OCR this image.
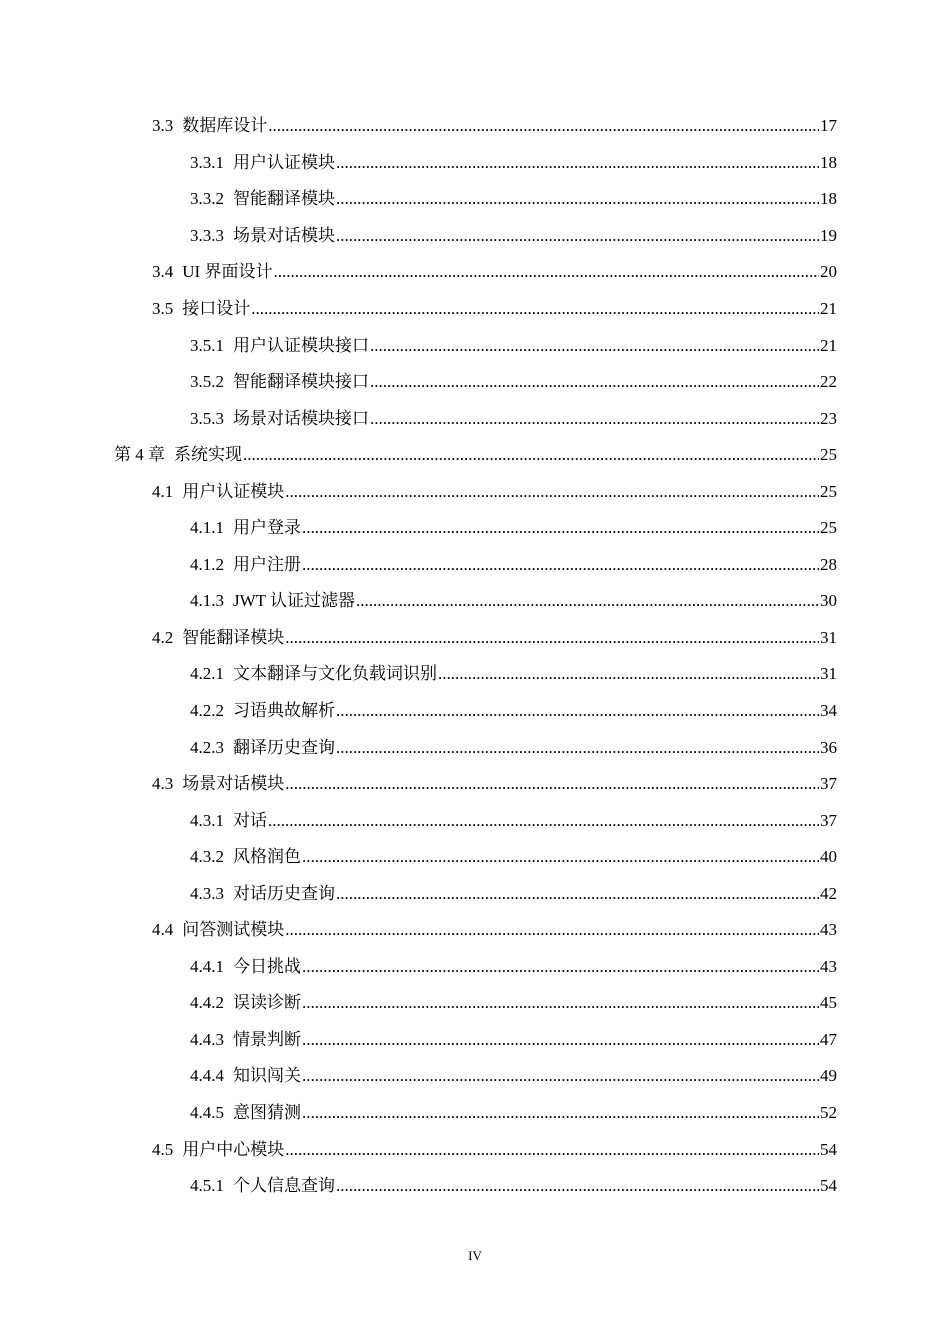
3.3 数据库设计 .....	17
3.3.1 用户认证模块 .....	18
3.3.2 智能翻译模块 .....	18
3.3.3 场景对话模块 .....	19
3.4 UI 界面设计 .....	20
3.5 接口设计 .....	21
3.5.1 用户认证模块接口 .....	21
3.5.2 智能翻译模块接口 .....	22
3.5.3 场景对话模块接口 .....	23
第 4 章 系统实现 .....	25
4.1 用户认证模块 .....	25
4.1.1 用户登录 .....	25
4.1.2 用户注册 .....	28
4.1.3 JWT 认证过滤器 .....	30
4.2 智能翻译模块 .....	31
4.2.1 文本翻译与文化负载词识别 .....	31
4.2.2 习语典故解析 .....	34
4.2.3 翻译历史查询 .....	36
4.3 场景对话模块 .....	37
4.3.1 对话 .....	37
4.3.2 风格润色 .....	40
4.3.3 对话历史查询 .....	42
4.4 问答测试模块 .....	43
4.4.1 今日挑战 .....	43
4.4.2 误读诊断 .....	45
4.4.3 情景判断 .....	47
4.4.4 知识闯关 .....	49
4.4.5 意图猜测 .....	52
4.5 用户中心模块 .....	54
4.5.1 个人信息查询 .....	54
IV
